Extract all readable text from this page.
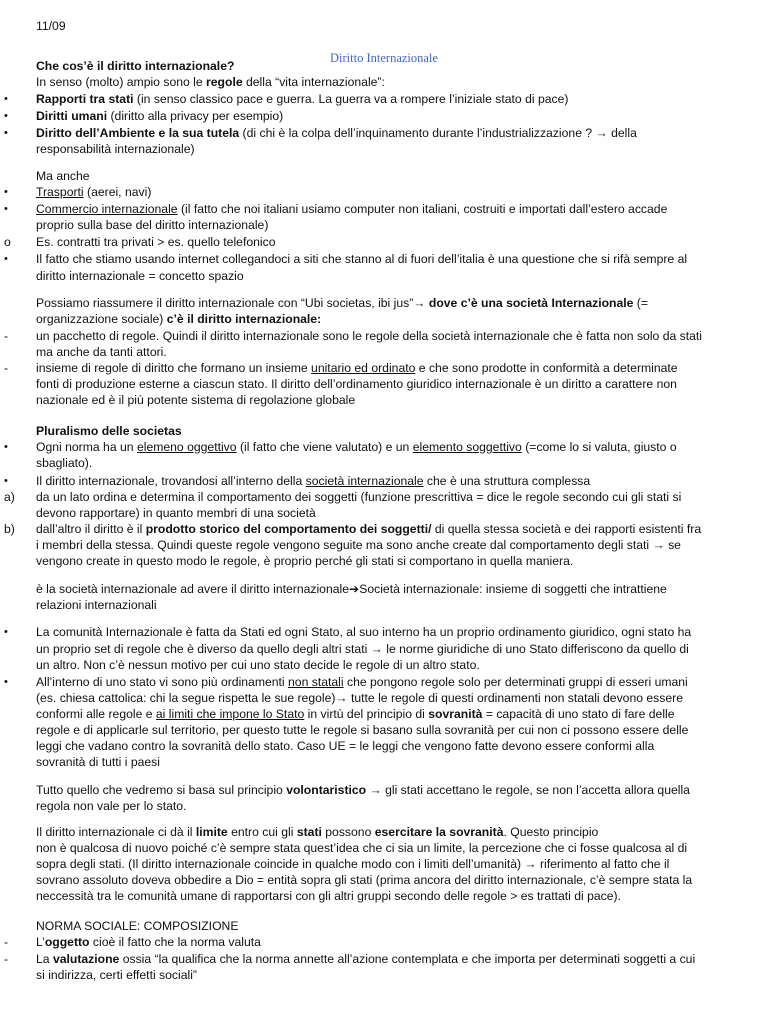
11/09
Diritto Internazionale
Che cos’è il diritto internazionale?
In senso (molto) ampio sono le regole della “vita internazionale”:
• Rapporti tra stati (in senso classico pace e guerra. La guerra va a rompere l’iniziale stato di pace)
• Diritti umani (diritto alla privacy per esempio)
• Diritto dell’Ambiente e la sua tutela (di chi è la colpa dell’inquinamento durante l’industrializzazione ? → della
responsabilità internazionale)
Ma anche
• Trasporti (aerei, navi)
• Commercio internazionale (il fatto che noi italiani usiamo computer non italiani, costruiti e importati dall’estero accade
proprio sulla base del diritto internazionale)
o Es. contratti tra privati > es. quello telefonico
• Il fatto che stiamo usando internet collegandoci a siti che stanno al di fuori dell’italia è una questione che si rifà sempre al
diritto internazionale = concetto spazio
Possiamo riassumere il diritto internazionale con “Ubi societas, ibi jus”→ dove c’è una società Internazionale (=
organizzazione sociale) c’è il diritto internazionale:
- un pacchetto di regole. Quindi il diritto internazionale sono le regole della società internazionale che è fatta non solo da stati
ma anche da tanti attori.
- insieme di regole di diritto che formano un insieme unitario ed ordinato e che sono prodotte in conformità a determinate
fonti di produzione esterne a ciascun stato. Il diritto dell’ordinamento giuridico internazionale è un diritto a carattere non
nazionale ed è il più potente sistema di regolazione globale
Pluralismo delle societas
• Ogni norma ha un elemeno oggettivo (il fatto che viene valutato) e un elemento soggettivo (=come lo si valuta, giusto o
sbagliato).
• Il diritto internazionale, trovandosi all’interno della società internazionale che è una struttura complessa
a) da un lato ordina e determina il comportamento dei soggetti (funzione prescrittiva = dice le regole secondo cui gli stati si
devono rapportare) in quanto membri di una società
b) dall’altro il diritto è il prodotto storico del comportamento dei soggetti/ di quella stessa società e dei rapporti esistenti fra
i membri della stessa. Quindi queste regole vengono seguite ma sono anche create dal comportamento degli stati → se
vengono create in questo modo le regole, è proprio perché gli stati si comportano in quella maniera.
è la società internazionale ad avere il diritto internazionale➔Società internazionale: insieme di soggetti che intrattiene
relazioni internazionali
• La comunità Internazionale è fatta da Stati ed ogni Stato, al suo interno ha un proprio ordinamento giuridico, ogni stato ha
un proprio set di regole che è diverso da quello degli altri stati → le norme giuridiche di uno Stato differiscono da quello di
un altro. Non c’è nessun motivo per cui uno stato decide le regole di un altro stato.
• All’interno di uno stato vi sono più ordinamenti non statali che pongono regole solo per determinati gruppi di esseri umani
(es. chiesa cattolica: chi la segue rispetta le sue regole)→ tutte le regole di questi ordinamenti non statali devono essere
conformi alle regole e ai limiti che impone lo Stato in virtù del principio di sovranità = capacità di uno stato di fare delle
regole e di applicarle sul territorio, per questo tutte le regole si basano sulla sovranità per cui non ci possono essere delle
leggi che vadano contro la sovranità dello stato. Caso UE = le leggi che vengono fatte devono essere conformi alla
sovranità di tutti i paesi
Tutto quello che vedremo si basa sul principio volontaristico → gli stati accettano le regole, se non l’accetta allora quella
regola non vale per lo stato.
Il diritto internazionale ci dà il limite entro cui gli stati possono esercitare la sovranità. Questo principio
non è qualcosa di nuovo poiché c’è sempre stata quest’idea che ci sia un limite, la percezione che ci fosse qualcosa al di
sopra degli stati. (Il diritto internazionale coincide in qualche modo con i limiti dell’umanità) → riferimento al fatto che il
sovrano assoluto doveva obbedire a Dio = entità sopra gli stati (prima ancora del diritto internazionale, c’è sempre stata la
neccessità tra le comunità umane di rapportarsi con gli altri gruppi secondo delle regole > es trattati di pace).
NORMA SOCIALE: COMPOSIZIONE
- L’oggetto cioè il fatto che la norma valuta
- La valutazione ossia “la qualifica che la norma annette all’azione contemplata e che importa per determinati soggetti a cui
si indirizza, certi effetti sociali”
